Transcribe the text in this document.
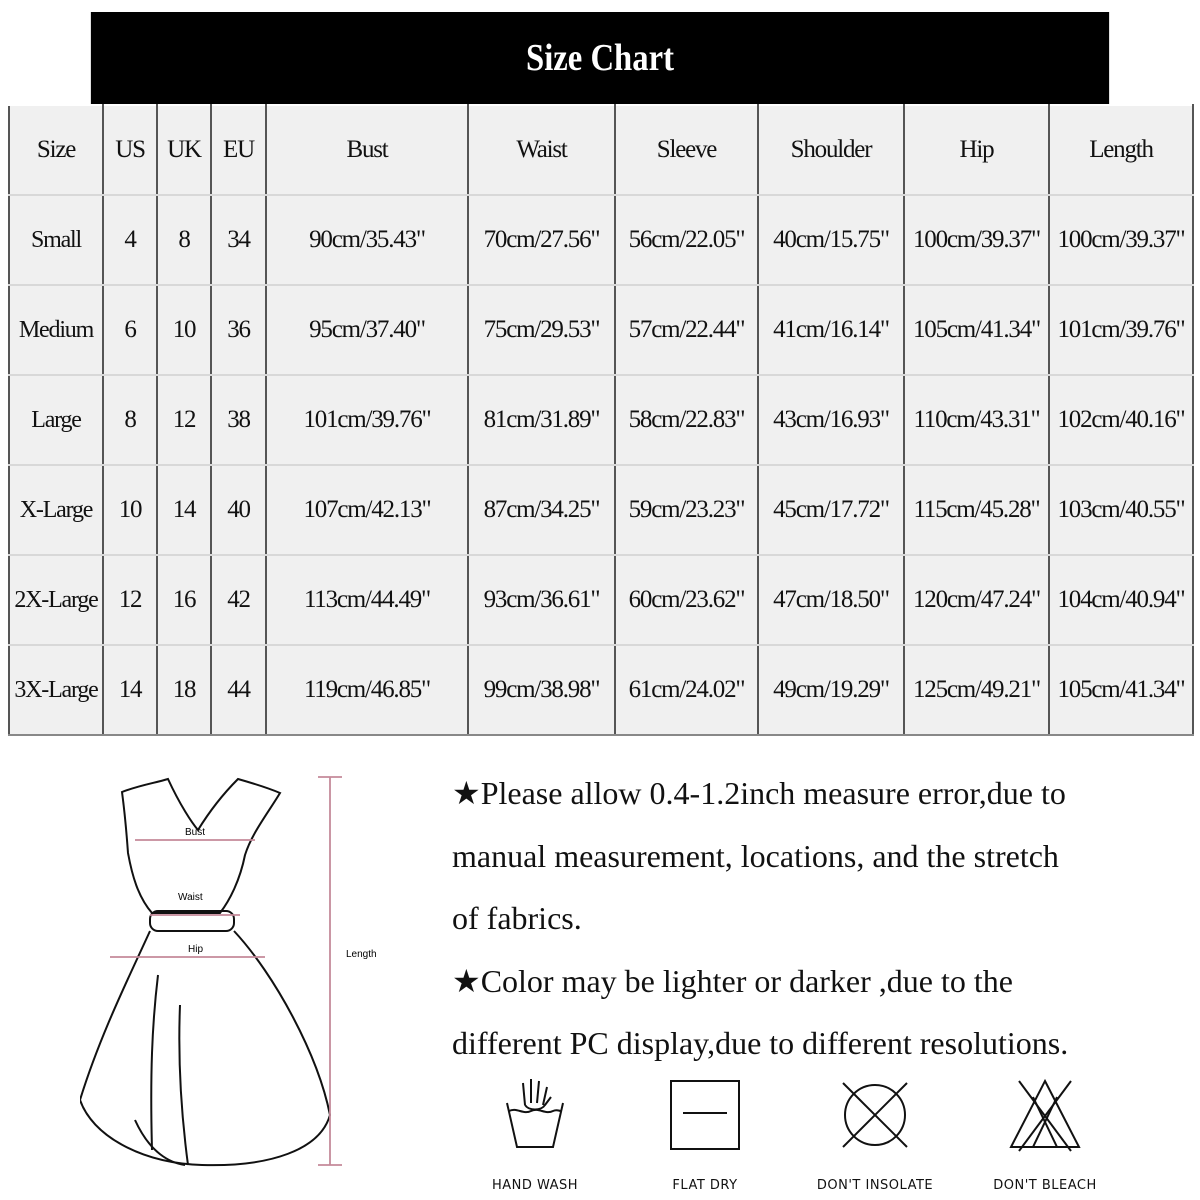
Size Chart
Size	US	UK	EU	Bust	Waist	Sleeve	Shoulder	Hip	Length
Small	4	8	34	90cm/35.43"	70cm/27.56"	56cm/22.05"	40cm/15.75"	100cm/39.37"	100cm/39.37"
Medium	6	10	36	95cm/37.40"	75cm/29.53"	57cm/22.44"	41cm/16.14"	105cm/41.34"	101cm/39.76"
Large	8	12	38	101cm/39.76"	81cm/31.89"	58cm/22.83"	43cm/16.93"	110cm/43.31"	102cm/40.16"
X-Large	10	14	40	107cm/42.13"	87cm/34.25"	59cm/23.23"	45cm/17.72"	115cm/45.28"	103cm/40.55"
2X-Large	12	16	42	113cm/44.49"	93cm/36.61"	60cm/23.62"	47cm/18.50"	120cm/47.24"	104cm/40.94"
3X-Large	14	18	44	119cm/46.85"	99cm/38.98"	61cm/24.02"	49cm/19.29"	125cm/49.21"	105cm/41.34"
Bust
Waist
Hip	Length

★Please allow 0.4-1.2inch measure error,due to

manual measurement, locations, and the stretch

of fabrics.

★Color may be lighter or darker ,due to the

different PC display,due to different resolutions.

HAND WASH	FLAT DRY	DON'T INSOLATE	DON'T BLEACH
